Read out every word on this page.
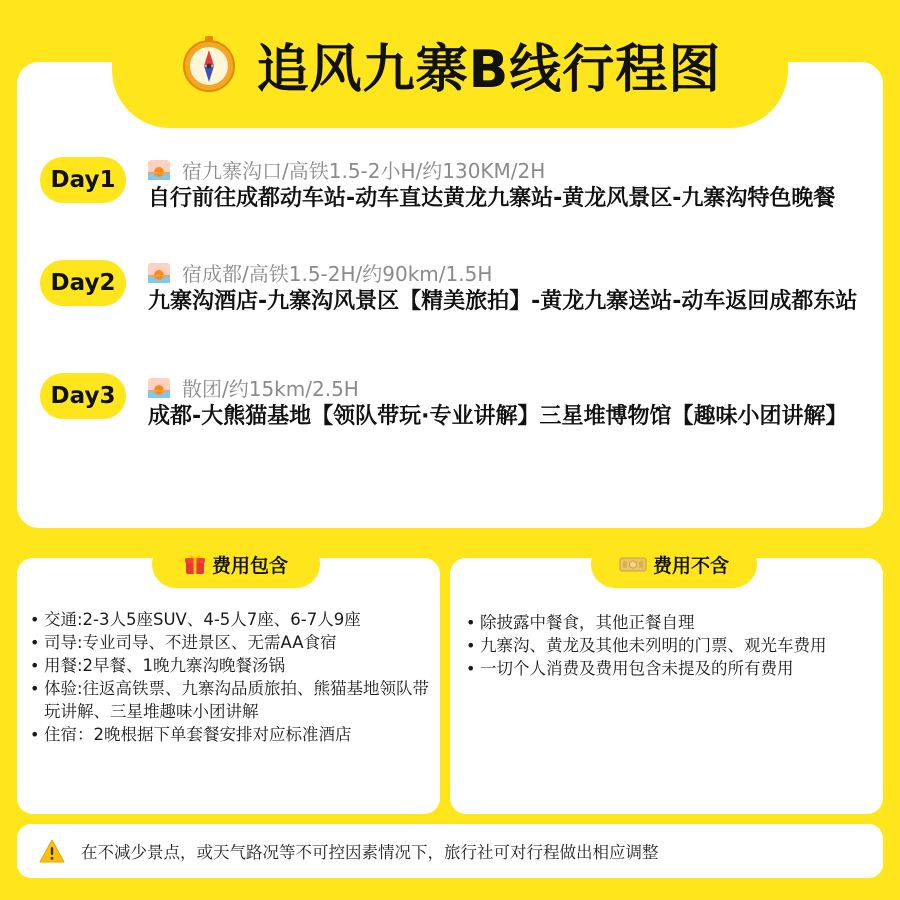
追风九寨B线行程图
Day1	宿九寨沟口/高铁1.5-2小H/约130KM/2H
自行前往成都动车站-动车直达黄龙九寨站-黄龙风景区-九寨沟特色晚餐
Day2	宿成都/高铁1.5-2H/约90km/1.5H
九寨沟酒店-九寨沟风景区【精美旅拍】-黄龙九寨送站-动车返回成都东站
Day3	散团/约15km/2.5H
成都-大熊猫基地【领队带玩·专业讲解】三星堆博物馆【趣味小团讲解】
费用包含
• 交通:2-3人5座SUV、4-5人7座、6-7人9座
• 司导:专业司导、不进景区、无需AA食宿
• 用餐:2早餐、1晚九寨沟晚餐汤锅
• 体验:往返高铁票、九寨沟品质旅拍、熊猫基地领队带玩讲解、三星堆趣味小团讲解
• 住宿：2晚根据下单套餐安排对应标准酒店
费用不含
• 除披露中餐食，其他正餐自理
• 九寨沟、黄龙及其他未列明的门票、观光车费用
• 一切个人消费及费用包含未提及的所有费用
在不减少景点，或天气路况等不可控因素情况下，旅行社可对行程做出相应调整
